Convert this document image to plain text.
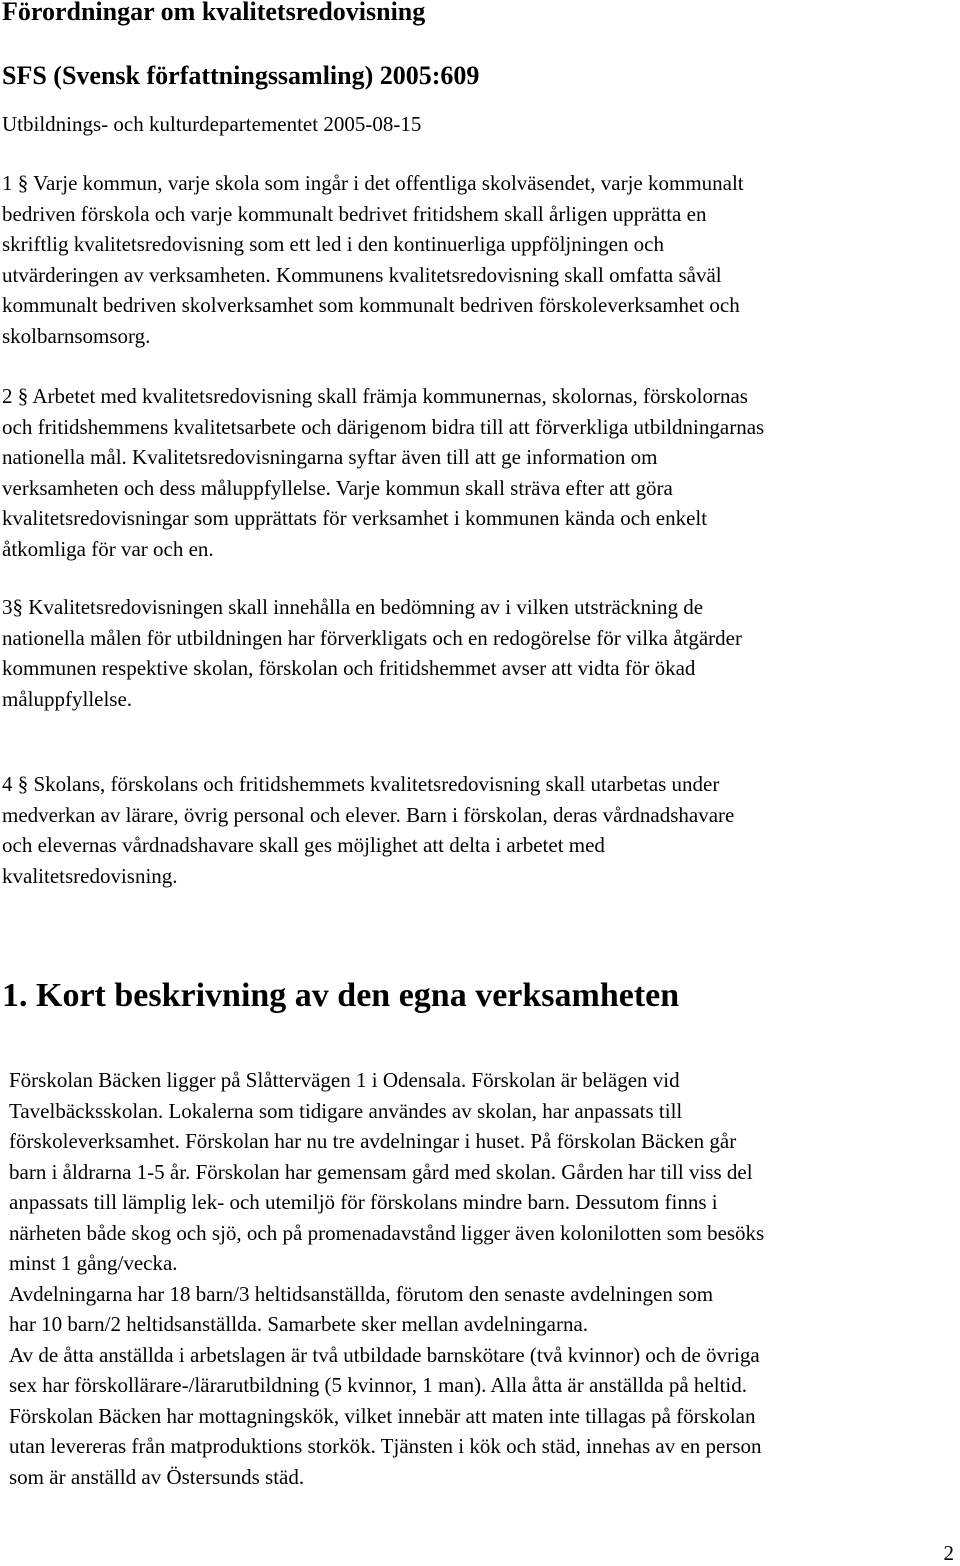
Förordningar om kvalitetsredovisning
SFS (Svensk författningssamling) 2005:609

Utbildnings- och kulturdepartementet 2005-08-15

1 § Varje kommun, varje skola som ingår i det offentliga skolväsendet, varje kommunalt
bedriven förskola och varje kommunalt bedrivet fritidshem skall årligen upprätta en
skriftlig kvalitetsredovisning som ett led i den kontinuerliga uppföljningen och
utvärderingen av verksamheten. Kommunens kvalitetsredovisning skall omfatta såväl
kommunalt bedriven skolverksamhet som kommunalt bedriven förskoleverksamhet och
skolbarnsomsorg.

2 § Arbetet med kvalitetsredovisning skall främja kommunernas, skolornas, förskolornas
och fritidshemmens kvalitetsarbete och därigenom bidra till att förverkliga utbildningarnas
nationella mål. Kvalitetsredovisningarna syftar även till att ge information om
verksamheten och dess måluppfyllelse. Varje kommun skall sträva efter att göra
kvalitetsredovisningar som upprättats för verksamhet i kommunen kända och enkelt
åtkomliga för var och en.

3§ Kvalitetsredovisningen skall innehålla en bedömning av i vilken utsträckning de
nationella målen för utbildningen har förverkligats och en redogörelse för vilka åtgärder
kommunen respektive skolan, förskolan och fritidshemmet avser att vidta för ökad
måluppfyllelse.

4 § Skolans, förskolans och fritidshemmets kvalitetsredovisning skall utarbetas under
medverkan av lärare, övrig personal och elever. Barn i förskolan, deras vårdnadshavare
och elevernas vårdnadshavare skall ges möjlighet att delta i arbetet med
kvalitetsredovisning.

1. Kort beskrivning av den egna verksamheten

Förskolan Bäcken ligger på Slåttervägen 1 i Odensala. Förskolan är belägen vid
Tavelbäcksskolan. Lokalerna som tidigare användes av skolan, har anpassats till
förskoleverksamhet. Förskolan har nu tre avdelningar i huset. På förskolan Bäcken går
barn i åldrarna 1-5 år. Förskolan har gemensam gård med skolan. Gården har till viss del
anpassats till lämplig lek- och utemiljö för förskolans mindre barn. Dessutom finns i
närheten både skog och sjö, och på promenadavstånd ligger även kolonilotten som besöks
minst 1 gång/vecka.
Avdelningarna har 18 barn/3 heltidsanställda, förutom den senaste avdelningen som
har 10 barn/2 heltidsanställda. Samarbete sker mellan avdelningarna.
Av de åtta anställda i arbetslagen är två utbildade barnskötare (två kvinnor) och de övriga
sex har förskollärare-/lärarutbildning (5 kvinnor, 1 man). Alla åtta är anställda på heltid.
Förskolan Bäcken har mottagningskök, vilket innebär att maten inte tillagas på förskolan
utan levereras från matproduktions storkök. Tjänsten i kök och städ, innehas av en person
som är anställd av Östersunds städ.

2
